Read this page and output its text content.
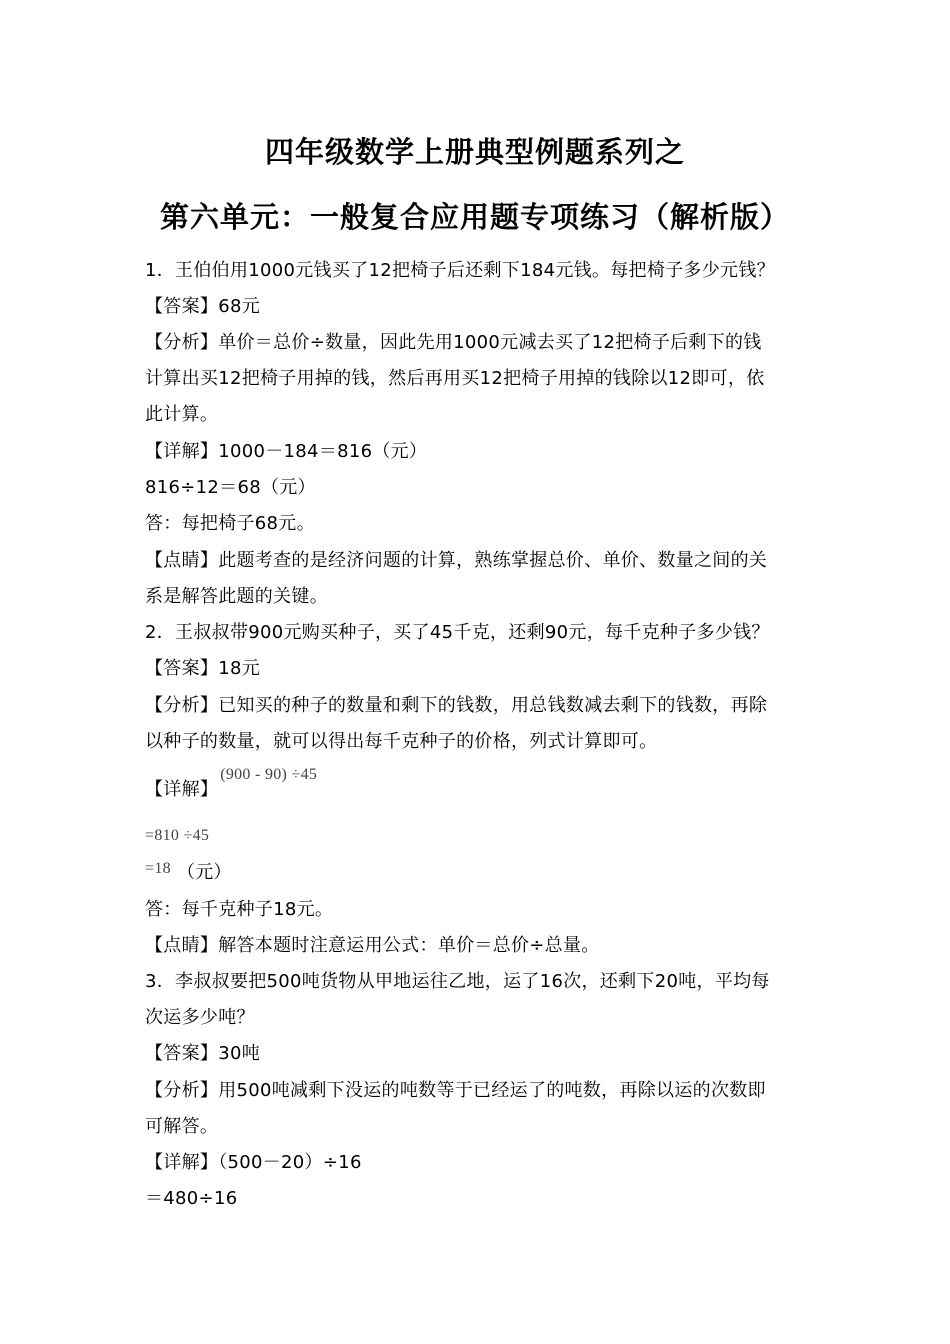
四年级数学上册典型例题系列之
第六单元：一般复合应用题专项练习（解析版）
1．王伯伯用1000元钱买了12把椅子后还剩下184元钱。每把椅子多少元钱？
【答案】68元
【分析】单价＝总价÷数量，因此先用1000元减去买了12把椅子后剩下的钱
计算出买12把椅子用掉的钱，然后再用买12把椅子用掉的钱除以12即可，依
此计算。
【详解】1000－184＝816（元）
816÷12＝68（元）
答：每把椅子68元。
【点睛】此题考查的是经济问题的计算，熟练掌握总价、单价、数量之间的关
系是解答此题的关键。
2．王叔叔带900元购买种子，买了45千克，还剩90元，每千克种子多少钱？
【答案】18元
【分析】已知买的种子的数量和剩下的钱数，用总钱数减去剩下的钱数，再除
以种子的数量，就可以得出每千克种子的价格，列式计算即可。
【详解】(900 - 90) ÷45
=810 ÷45
=18 （元）
答：每千克种子18元。
【点睛】解答本题时注意运用公式：单价＝总价÷总量。
3．李叔叔要把500吨货物从甲地运往乙地，运了16次，还剩下20吨，平均每
次运多少吨？
【答案】30吨
【分析】用500吨减剩下没运的吨数等于已经运了的吨数，再除以运的次数即
可解答。
【详解】（500－20）÷16
＝480÷16
